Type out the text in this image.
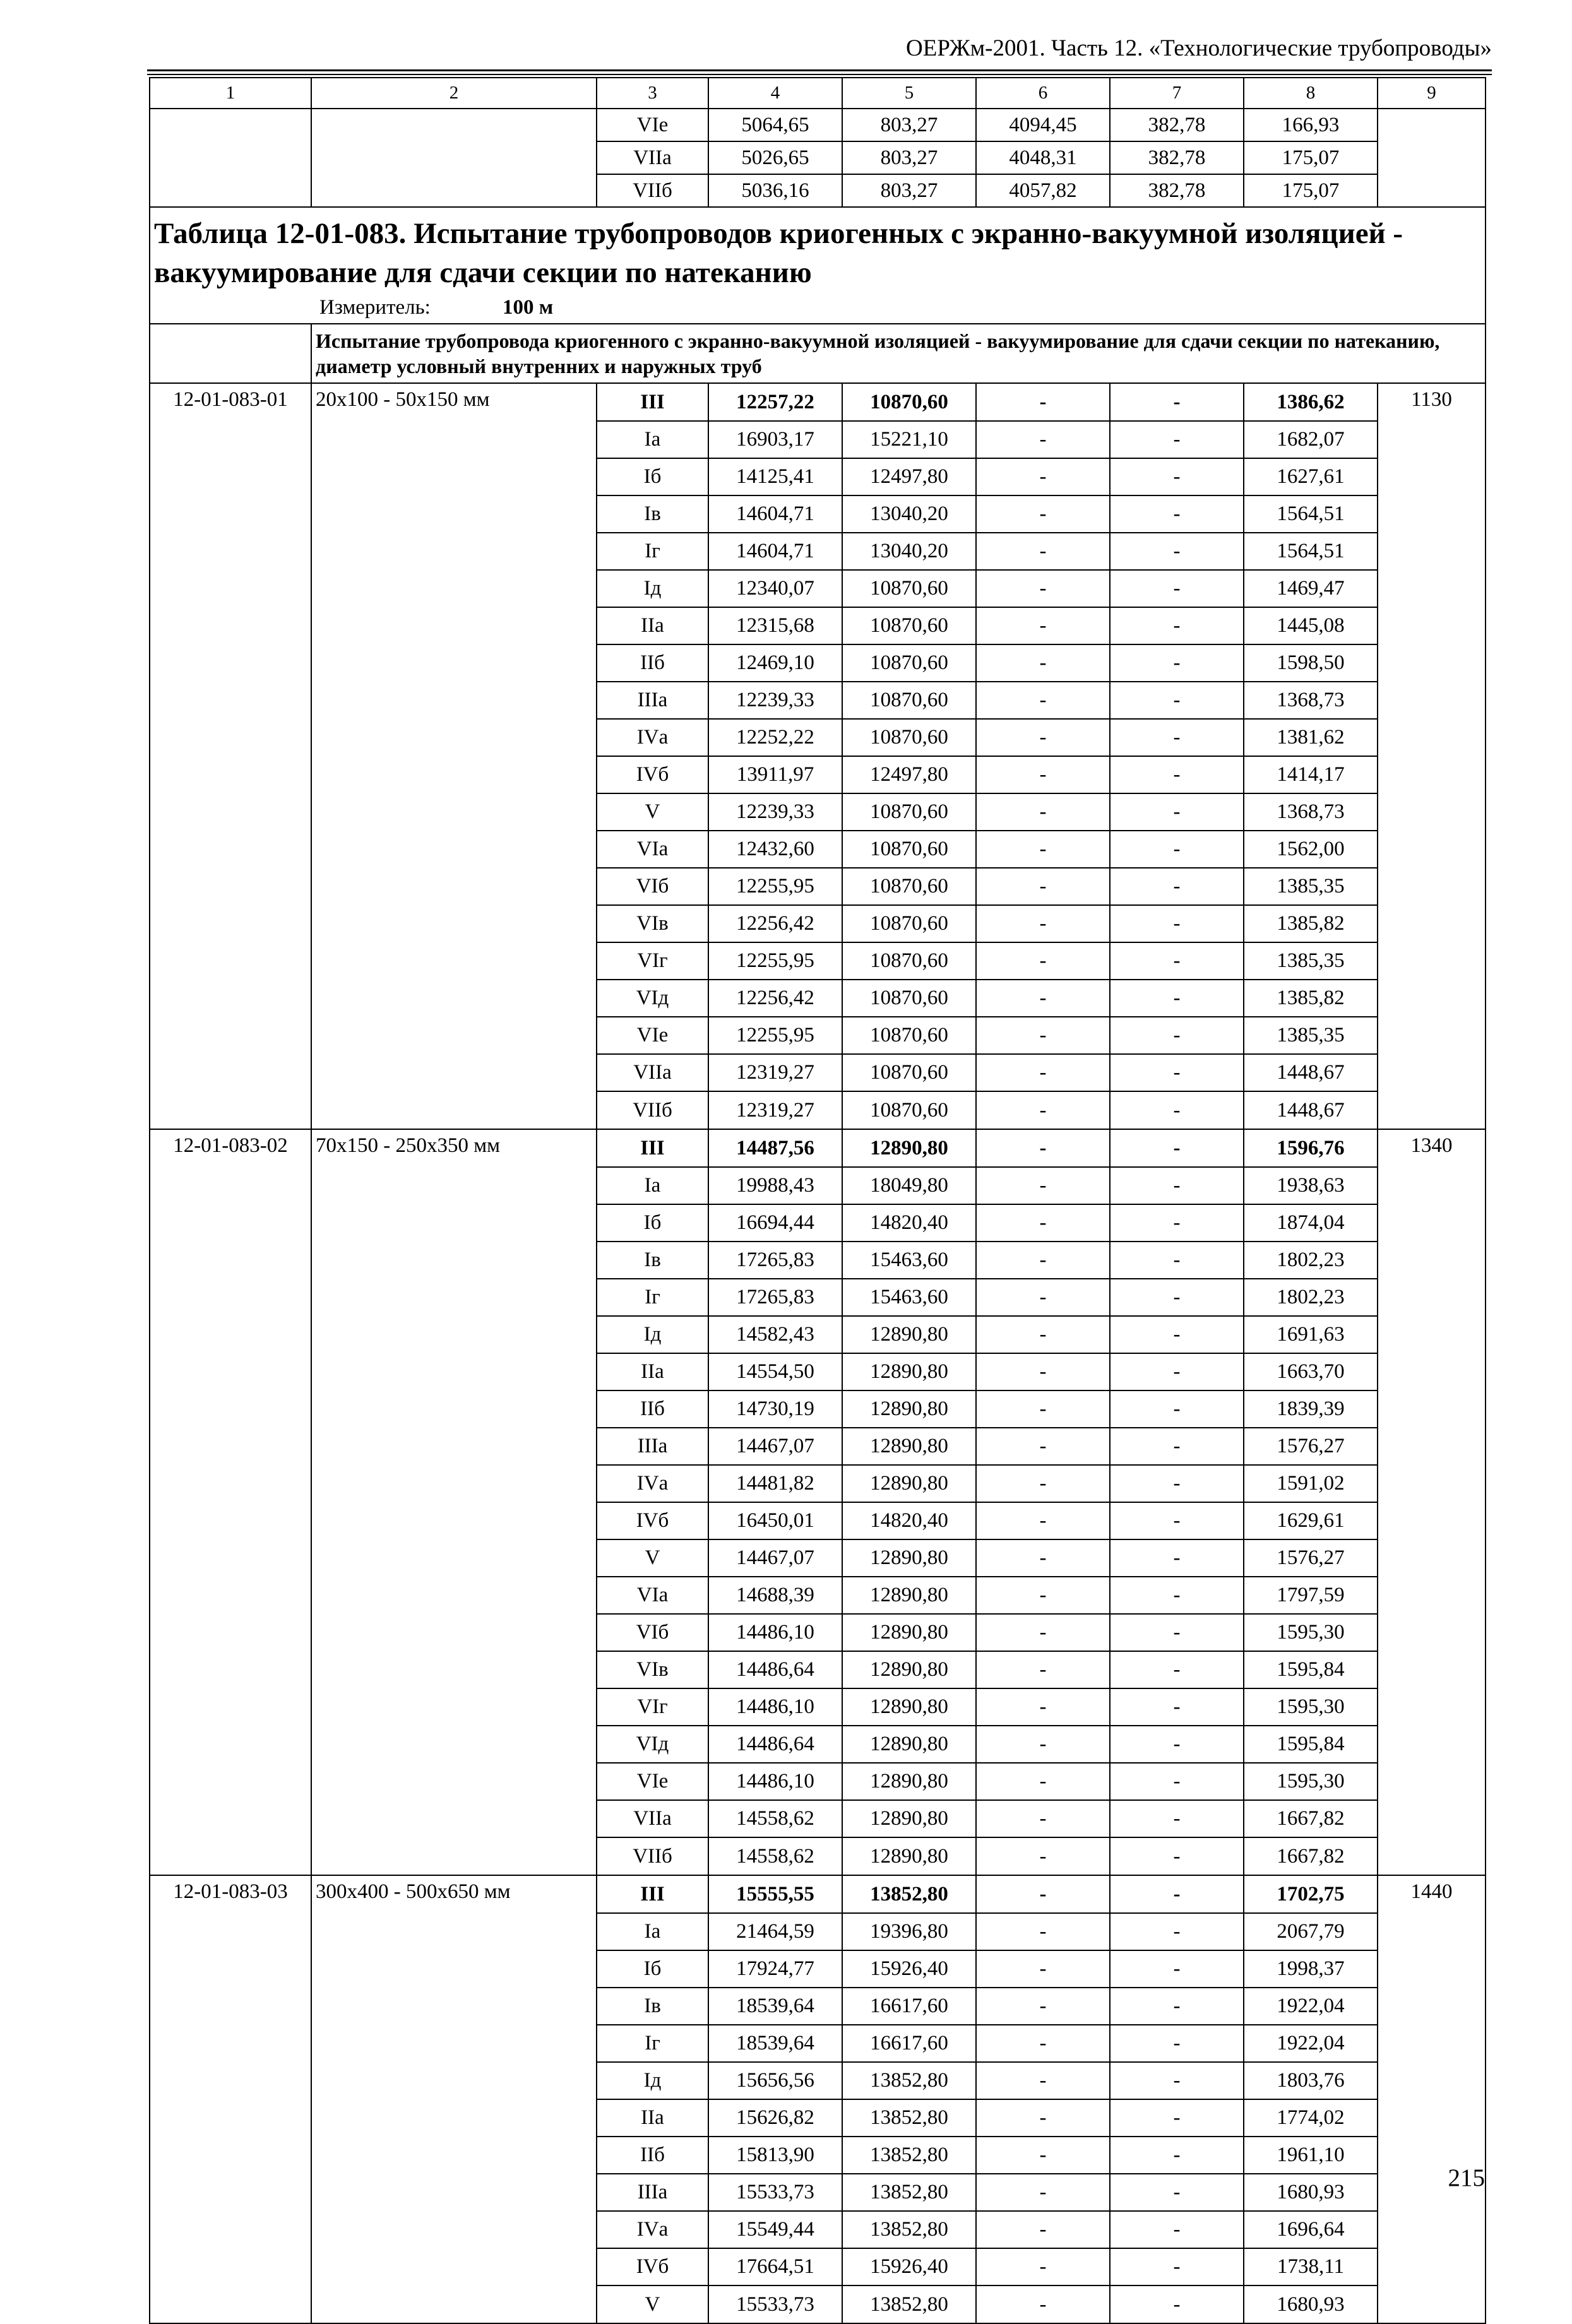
ОЕРЖм-2001. Часть 12. «Технологические трубопроводы»
1	2	3	4	5	6	7	8	9
		VIе	5064,65	803,27	4094,45	382,78	166,93	
		VIIа	5026,65	803,27	4048,31	382,78	175,07	
		VIIб	5036,16	803,27	4057,82	382,78	175,07	

Таблица 12-01-083. Испытание трубопроводов криогенных с экранно-вакуумной изоляцией - вакуумирование для сдачи секции по натеканию
Измеритель: 100 м								

	Испытание трубопровода криогенного с экранно-вакуумной изоляцией - вакуумирование для сдачи секции по натеканию, диаметр условный внутренних и наружных труб							
12-01-083-01	20х100 - 50х150 мм	III	12257,22	10870,60	-	-	1386,62	1130
		Iа	16903,17	15221,10	-	-	1682,07	
		Iб	14125,41	12497,80	-	-	1627,61	
		Iв	14604,71	13040,20	-	-	1564,51	
		Iг	14604,71	13040,20	-	-	1564,51	
		Iд	12340,07	10870,60	-	-	1469,47	
		IIа	12315,68	10870,60	-	-	1445,08	
		IIб	12469,10	10870,60	-	-	1598,50	
		IIIа	12239,33	10870,60	-	-	1368,73	
		IVа	12252,22	10870,60	-	-	1381,62	
		IVб	13911,97	12497,80	-	-	1414,17	
		V	12239,33	10870,60	-	-	1368,73	
		VIа	12432,60	10870,60	-	-	1562,00	
		VIб	12255,95	10870,60	-	-	1385,35	
		VIв	12256,42	10870,60	-	-	1385,82	
		VIг	12255,95	10870,60	-	-	1385,35	
		VIд	12256,42	10870,60	-	-	1385,82	
		VIе	12255,95	10870,60	-	-	1385,35	
		VIIа	12319,27	10870,60	-	-	1448,67	
		VIIб	12319,27	10870,60	-	-	1448,67	
12-01-083-02	70х150 - 250х350 мм	III	14487,56	12890,80	-	-	1596,76	1340
		Iа	19988,43	18049,80	-	-	1938,63	
		Iб	16694,44	14820,40	-	-	1874,04	
		Iв	17265,83	15463,60	-	-	1802,23	
		Iг	17265,83	15463,60	-	-	1802,23	
		Iд	14582,43	12890,80	-	-	1691,63	
		IIа	14554,50	12890,80	-	-	1663,70	
		IIб	14730,19	12890,80	-	-	1839,39	
		IIIа	14467,07	12890,80	-	-	1576,27	
		IVа	14481,82	12890,80	-	-	1591,02	
		IVб	16450,01	14820,40	-	-	1629,61	
		V	14467,07	12890,80	-	-	1576,27	
		VIа	14688,39	12890,80	-	-	1797,59	
		VIб	14486,10	12890,80	-	-	1595,30	
		VIв	14486,64	12890,80	-	-	1595,84	
		VIг	14486,10	12890,80	-	-	1595,30	
		VIд	14486,64	12890,80	-	-	1595,84	
		VIе	14486,10	12890,80	-	-	1595,30	
		VIIа	14558,62	12890,80	-	-	1667,82	
		VIIб	14558,62	12890,80	-	-	1667,82	
12-01-083-03	300х400 - 500х650 мм	III	15555,55	13852,80	-	-	1702,75	1440
		Iа	21464,59	19396,80	-	-	2067,79	
		Iб	17924,77	15926,40	-	-	1998,37	
		Iв	18539,64	16617,60	-	-	1922,04	
		Iг	18539,64	16617,60	-	-	1922,04	
		Iд	15656,56	13852,80	-	-	1803,76	
		IIа	15626,82	13852,80	-	-	1774,02	
		IIб	15813,90	13852,80	-	-	1961,10	
		IIIа	15533,73	13852,80	-	-	1680,93	
		IVа	15549,44	13852,80	-	-	1696,64	
		IVб	17664,51	15926,40	-	-	1738,11	
		V	15533,73	13852,80	-	-	1680,93	
215
